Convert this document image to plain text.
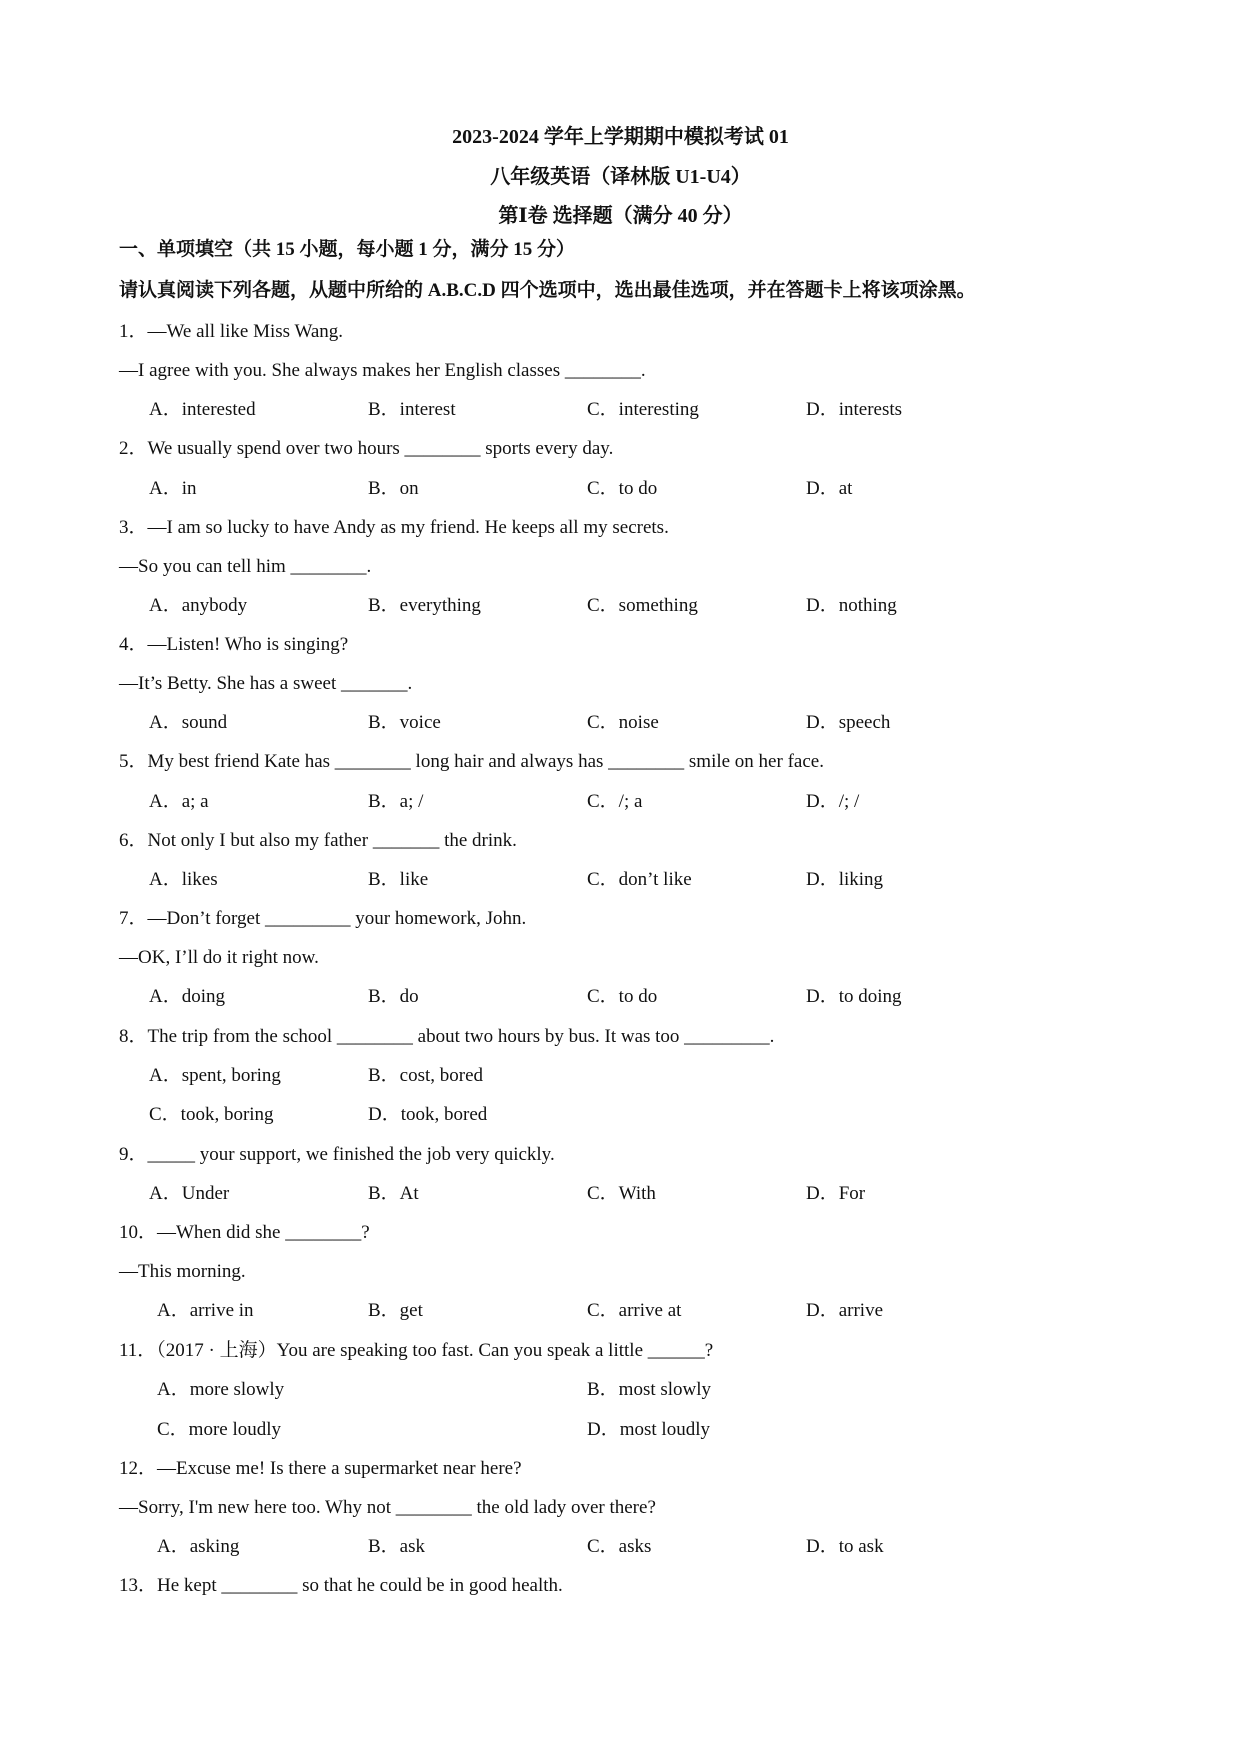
2023-2024 学年上学期期中模拟考试 01
八年级英语（译林版 U1-U4）
第Ⅰ卷 选择题（满分 40 分）
一、单项填空（共 15 小题，每小题 1 分，满分 15 分）
请认真阅读下列各题，从题中所给的 A.B.C.D 四个选项中，选出最佳选项，并在答题卡上将该项涂黑。
1．—We all like Miss Wang.
—I agree with you. She always makes her English classes ________.
A．interested	B．interest	C．interesting	D．interests
2．We usually spend over two hours ________ sports every day.
A．in	B．on	C．to do	D．at
3．—I am so lucky to have Andy as my friend. He keeps all my secrets.
—So you can tell him ________.
A．anybody	B．everything	C．something	D．nothing
4．—Listen! Who is singing?
—It’s Betty. She has a sweet _______.
A．sound	B．voice	C．noise	D．speech
5．My best friend Kate has ________ long hair and always has ________ smile on her face.
A．a; a	B．a; /	C．/; a	D．/; /
6．Not only I but also my father _______ the drink.
A．likes	B．like	C．don’t like	D．liking
7．—Don’t forget _________ your homework, John.
—OK, I’ll do it right now.
A．doing	B．do	C．to do	D．to doing
8．The trip from the school ________ about two hours by bus. It was too _________.
A．spent, boring	B．cost, bored
C．took, boring	D．took, bored
9．_____ your support, we finished the job very quickly.
A．Under	B．At	C．With	D．For
10．—When did she ________?
—This morning.
A．arrive in	B．get	C．arrive at	D．arrive
11．（2017 · 上海）You are speaking too fast. Can you speak a little ______?
A．more slowly	B．most slowly
C．more loudly	D．most loudly
12．—Excuse me! Is there a supermarket near here?
—Sorry, I'm new here too. Why not ________ the old lady over there?
A．asking	B．ask	C．asks	D．to ask
13．He kept ________ so that he could be in good health.
